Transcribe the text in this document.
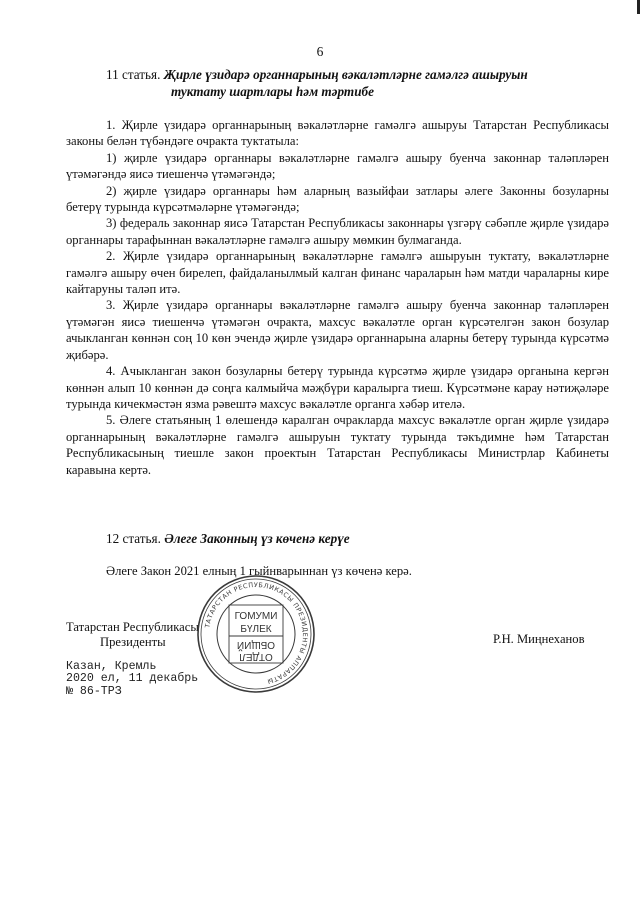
6
11 статья. Җирле үзидарә органнарының вәкаләтләрне гамәлгә ашыруын
туктату шартлары һәм тәртибе

1. Җирле үзидарә органнарының вәкаләтләрне гамәлгә ашыруы Татарстан Республикасы законы белән түбәндәге очракта туктатыла:

1) җирле үзидарә органнары вәкаләтләрне гамәлгә ашыру буенча законнар таләпләрен үтәмәгәндә яисә тиешенчә үтәмәгәндә;

2) җирле үзидарә органнары һәм аларның вазыйфаи затлары әлеге Законны бозуларны бетерү турында күрсәтмәләрне үтәмәгәндә;

3) федераль законнар яисә Татарстан Республикасы законнары үзгәрү сәбәпле җирле үзидарә органнары тарафыннан вәкаләтләрне гамәлгә ашыру мөмкин булмаганда.

2. Җирле үзидарә органнарының вәкаләтләрне гамәлгә ашыруын туктату, вәкаләтләрне гамәлгә ашыру өчен бирелеп, файдаланылмый калган финанс чараларын һәм матди чараларны кире кайтаруны таләп итә.

3. Җирле үзидарә органнары вәкаләтләрне гамәлгә ашыру буенча законнар таләпләрен үтәмәгән яисә тиешенчә үтәмәгән очракта, махсус вәкаләтле орган күрсәтелгән закон бозулар ачыкланган көннән соң 10 көн эчендә җирле үзидарә органнарына аларны бетерү турында күрсәтмә җибәрә.

4. Ачыкланган закон бозуларны бетерү турында күрсәтмә җирле үзидарә органына кергән көннән алып 10 көннән дә соңга калмыйча мәҗбүри каралырга тиеш. Күрсәтмәне карау нәтиҗәләре турында кичекмәстән язма рәвештә махсус вәкаләтле органга хәбәр ителә.

5. Әлеге статьяның 1 өлешендә каралган очракларда махсус вәкаләтле орган җирле үзидарә органнарының вәкаләтләрне гамәлгә ашыруын туктату турында тәкъдимне һәм Татарстан Республикасының тиешле закон проектын Татарстан Республикасы Министрлар Кабинеты каравына кертә.

12 статья. Әлеге Законның үз көченә керүе
Әлеге Закон 2021 елның 1 гыйнварыннан үз көченә керә.
Татарстан Республикасы
Президенты	Р.Н. Миңнеханов
Казан, Кремль
2020 ел, 11 декабрь
№ 86-ТРЗ
ТАТАРСТАН РЕСПУБЛИКАСЫ ПРЕЗИДЕНТЫ АППАРАТЫ
ГОМУМИ
БҮЛЕК
ОТДЕЛ
ОБЩИЙ
